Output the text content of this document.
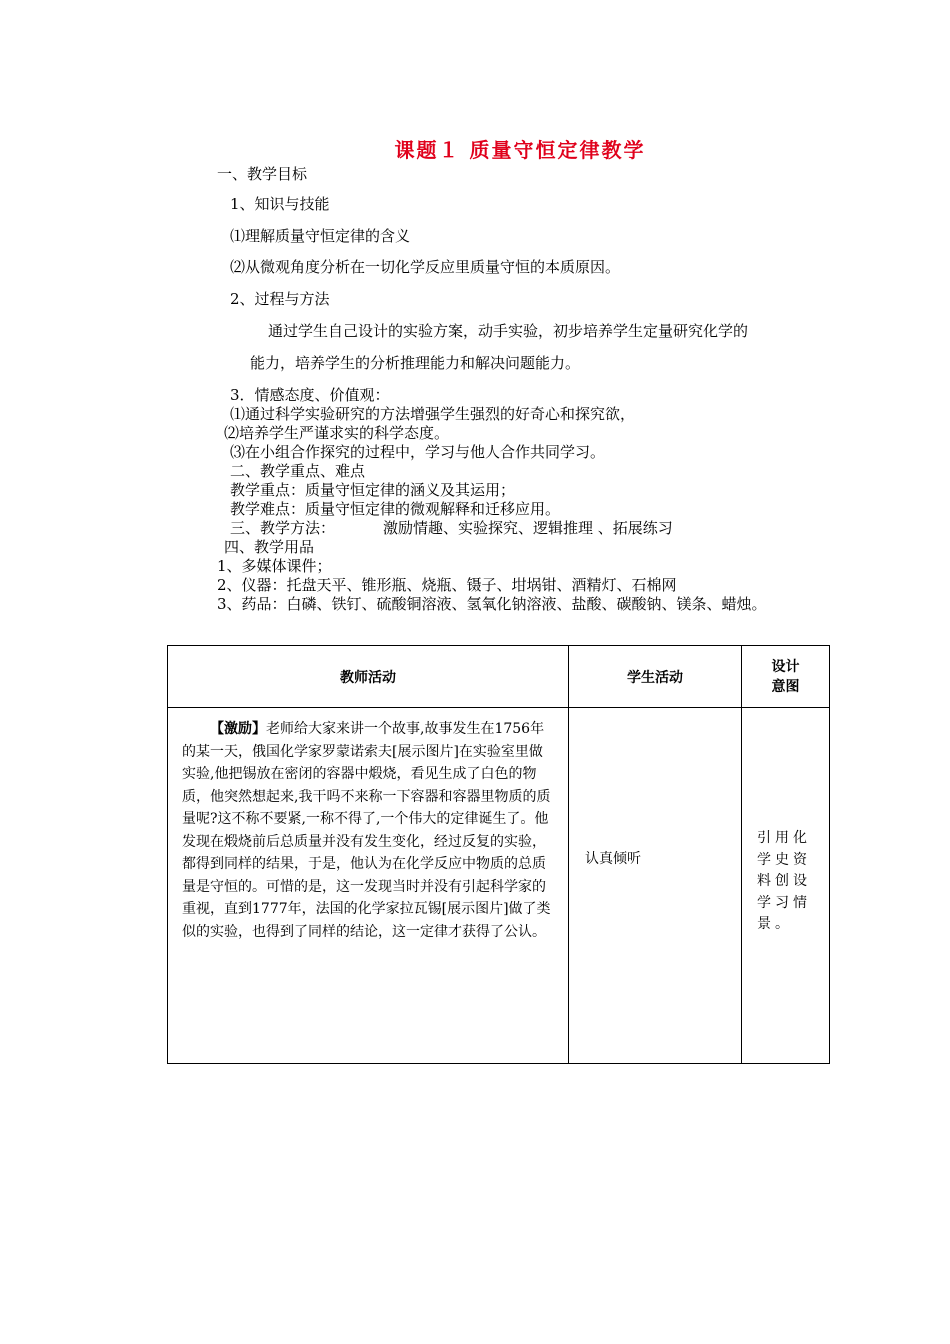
课题１ 质量守恒定律教学
一、教学目标
1、知识与技能
⑴理解质量守恒定律的含义
⑵从微观角度分析在一切化学反应里质量守恒的本质原因。
2、过程与方法
通过学生自己设计的实验方案，动手实验，初步培养学生定量研究化学的
能力，培养学生的分析推理能力和解决问题能力。
3．情感态度、价值观：
⑴通过科学实验研究的方法增强学生强烈的好奇心和探究欲，
⑵培养学生严谨求实的科学态度。
⑶在小组合作探究的过程中，学习与他人合作共同学习。
二、教学重点、难点
教学重点：质量守恒定律的涵义及其运用；
教学难点：质量守恒定律的微观解释和迁移应用。
三、教学方法：	激励情趣、实验探究、逻辑推理 、拓展练习
四、教学用品
1、多媒体课件；
2、仪器：托盘天平、锥形瓶、烧瓶、镊子、坩埚钳、酒精灯、石棉网
3、药品：白磷、铁钉、硫酸铜溶液、氢氧化钠溶液、盐酸、碳酸钠、镁条、蜡烛。
教师活动	学生活动	设计
意图

【激励】老师给大家来讲一个故事,故事发生在1756年的某一天，俄国化学家罗蒙诺索夫[展示图片]在实验室里做实验,他把锡放在密闭的容器中煅烧，看见生成了白色的物质，他突然想起来,我干吗不来称一下容器和容器里物质的质量呢?这不称不要紧,一称不得了,一个伟大的定律诞生了。他发现在煅烧前后总质量并没有发生变化，经过反复的实验，都得到同样的结果，于是，他认为在化学反应中物质的总质量是守恒的。可惜的是，这一发现当时并没有引起科学家的重视，直到1777年，法国的化学家拉瓦锡[展示图片]做了类似的实验，也得到了同样的结论，这一定律才获得了公认。	认真倾听	引用化学史资料创设学习情景。
